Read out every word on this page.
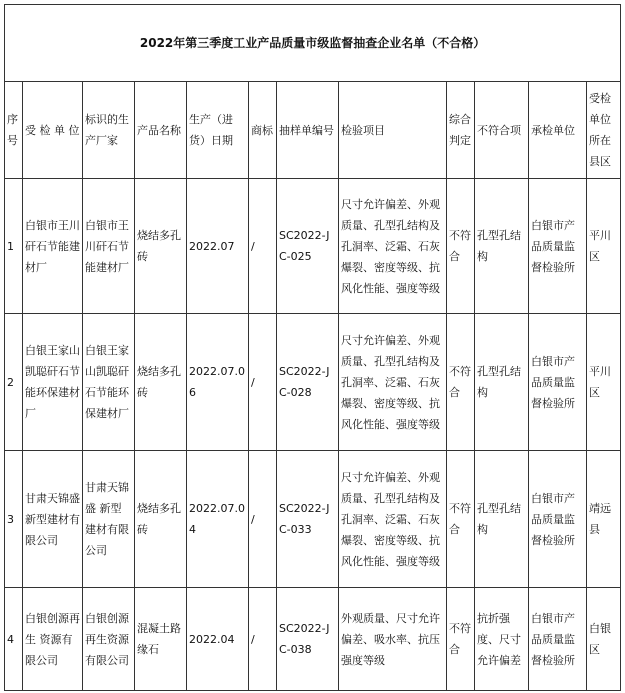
2022年第三季度工业产品质量市级监督抽查企业名单（不合格）											
序号	受 检 单 位	标识的生产厂家	产品名称	生产（进货）日期	商标	抽样单编号	检验项目	综合判定	不符合项	承检单位	受检单位所在县区
1	白银市王川矸石节能建材厂	白银市王川矸石节能建材厂	烧结多孔砖	2022.07	/	SC2022-JC-025	尺寸允许偏差、外观质量、孔型孔结构及孔洞率、泛霜、石灰爆裂、密度等级、抗风化性能、强度等级	不符合	孔型孔结构	白银市产品质量监督检验所	平川区
2	白银王家山 凯聪矸石节能环保建材厂	白银王家山凯聪矸石节能环保建材厂	烧结多孔砖	2022.07.06	/	SC2022-JC-028	尺寸允许偏差、外观质量、孔型孔结构及孔洞率、泛霜、石灰爆裂、密度等级、抗风化性能、强度等级	不符合	孔型孔结构	白银市产品质量监督检验所	平川区
3	甘肃天锦盛新型建材有限公司	甘肃天锦盛 新型建材有限公司	烧结多孔砖	2022.07.04	/	SC2022-JC-033	尺寸允许偏差、外观质量、孔型孔结构及孔洞率、泛霜、石灰爆裂、密度等级、抗风化性能、强度等级	不符合	孔型孔结构	白银市产品质量监督检验所	靖远县
4	白银创源再生 资源有限公司	白银创源再生资源有限公司	混凝土路缘石	2022.04	/	SC2022-JC-038	外观质量、尺寸允许偏差、吸水率、抗压强度等级	不符合	抗折强度、尺寸允许偏差	白银市产品质量监督检验所	白银区
